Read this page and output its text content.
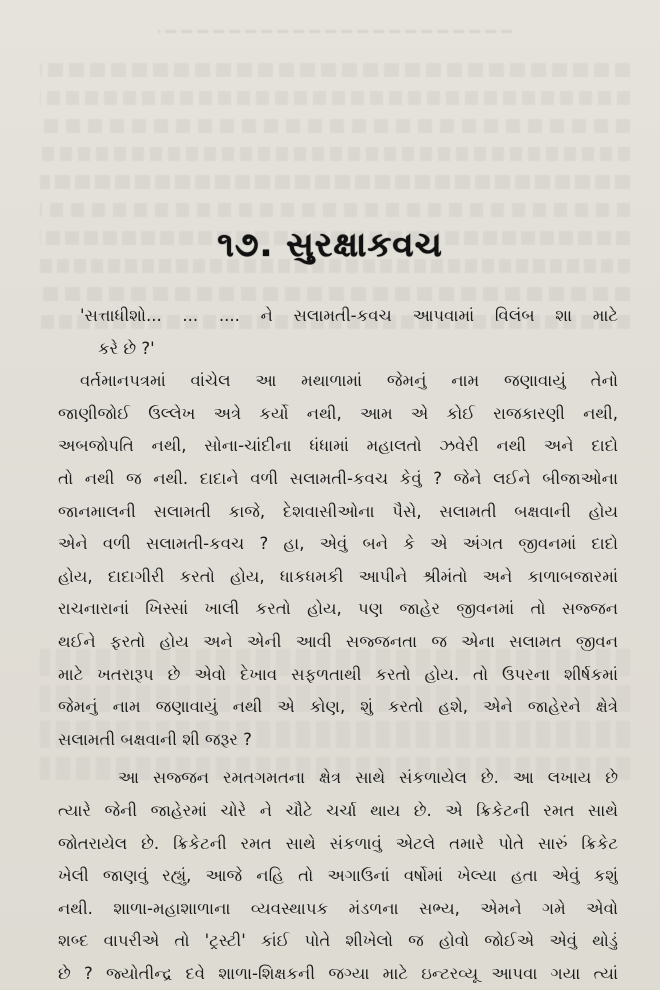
૧૭. સુરક્ષાકવચ
'સત્તાધીશો... ... .... ને સલામતી-કવચ આપવામાં વિલંબ શા માટે
કરે છે ?'
વર્તમાનપત્રમાં વાંચેલ આ મથાળામાં જેમનું નામ જણાવાયું તેનો
જાણીજોઈ ઉલ્લેખ અત્રે કર્યો નથી, આમ એ કોઈ રાજકારણી નથી,
અબજોપતિ નથી, સોના-ચાંદીના ધંધામાં મહાલતો ઝવેરી નથી અને દાદો
તો નથી જ નથી. દાદાને વળી સલામતી-કવચ કેવું ? જેને લઈને બીજાઓના
જાનમાલની સલામતી કાજે, દેશવાસીઓના પૈસે, સલામતી બક્ષવાની હોય
એને વળી સલામતી-કવચ ? હા, એવું બને કે એ અંગત જીવનમાં દાદો
હોય, દાદાગીરી કરતો હોય, ધાકધમકી આપીને શ્રીમંતો અને કાળાબજારમાં
રાચનારાનાં ખિસ્સાં ખાલી કરતો હોય, પણ જાહેર જીવનમાં તો સજ્જન
થઈને ફરતો હોય અને એની આવી સજ્જનતા જ એના સલામત જીવન
માટે ખતરારૂપ છે એવો દેખાવ સફળતાથી કરતો હોય. તો ઉપરના શીર્ષકમાં
જેમનું નામ જણાવાયું નથી એ કોણ, શું કરતો હશે, એને જાહેરને ક્ષેત્રે
સલામતી બક્ષવાની શી જરૂર ?
આ સજ્જન રમતગમતના ક્ષેત્ર સાથે સંકળાયેલ છે. આ લખાય છે
ત્યારે જેની જાહેરમાં ચોરે ને ચૌટે ચર્ચા થાય છે. એ ક્રિકેટની રમત સાથે
જોતરાયેલ છે. ક્રિકેટની રમત સાથે સંકળાવું એટલે તમારે પોતે સારું ક્રિકેટ
ખેલી જાણવું રહ્યું, આજે નહિ તો અગાઉનાં વર્ષોમાં ખેલ્યા હતા એવું કશું
નથી. શાળા-મહાશાળાના વ્યવસ્થાપક મંડળના સભ્ય, એમને ગમે એવો
શબ્દ વાપરીએ તો 'ટ્રસ્ટી' કાંઈ પોતે શીખેલો જ હોવો જોઈએ એવું થોડું
છે ? જ્યોતીન્દ્ર દવે શાળા-શિક્ષકની જગ્યા માટે ઇન્ટરવ્યૂ આપવા ગયા ત્યાં
